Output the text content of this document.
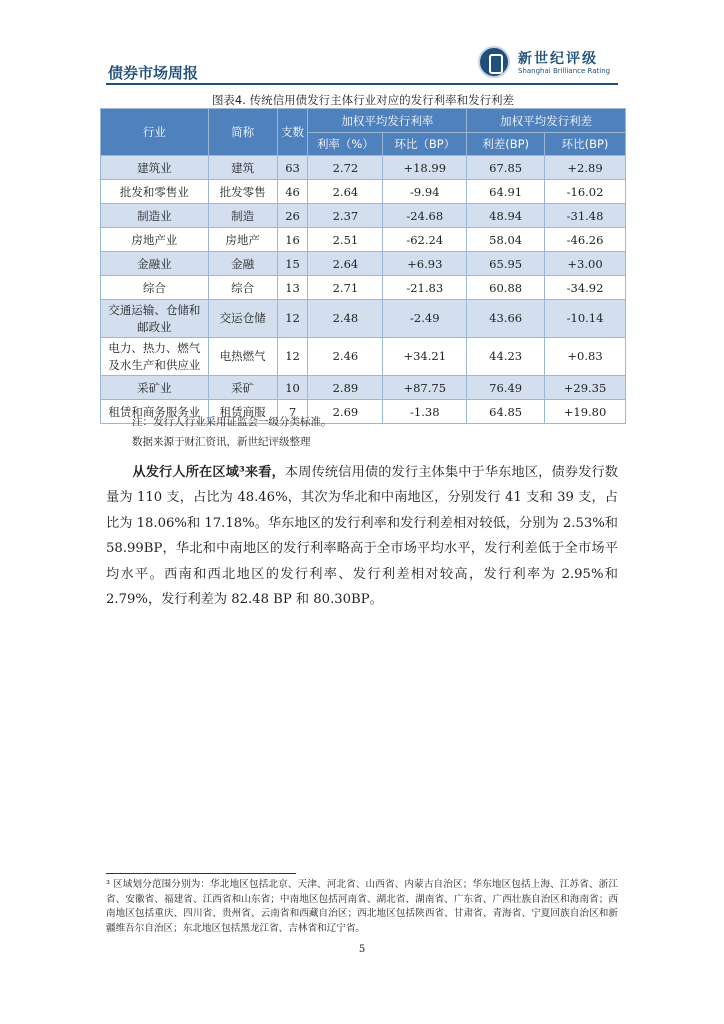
债券市场周报
新世纪评级
Shanghai Brilliance Rating
图表4. 传统信用债发行主体行业对应的发行利率和发行利差
行业	简称	支数	加权平均发行利率		加权平均发行利差	
			利率（%）	环比（BP）	利差(BP)	环比(BP)
建筑业	建筑	63	2.72	+18.99	67.85	+2.89
批发和零售业	批发零售	46	2.64	-9.94	64.91	-16.02
制造业	制造	26	2.37	-24.68	48.94	-31.48
房地产业	房地产	16	2.51	-62.24	58.04	-46.26
金融业	金融	15	2.64	+6.93	65.95	+3.00
综合	综合	13	2.71	-21.83	60.88	-34.92
交通运输、仓储和邮政业	交运仓储	12	2.48	-2.49	43.66	-10.14
电力、热力、燃气及水生产和供应业	电热燃气	12	2.46	+34.21	44.23	+0.83
采矿业	采矿	10	2.89	+87.75	76.49	+29.35
租赁和商务服务业	租赁商服	7	2.69	-1.38	64.85	+19.80
注：发行人行业采用证监会一级分类标准。
数据来源于财汇资讯，新世纪评级整理

从发行人所在区域³来看，本周传统信用债的发行主体集中于华东地区，债券发行数量为 110 支，占比为 48.46%，其次为华北和中南地区，分别发行 41 支和 39 支，占比为 18.06%和 17.18%。华东地区的发行利率和发行利差相对较低，分别为 2.53%和 58.99BP，华北和中南地区的发行利率略高于全市场平均水平，发行利差低于全市场平均水平。西南和西北地区的发行利率、发行利差相对较高，发行利率为 2.95%和 2.79%，发行利差为 82.48 BP 和 80.30BP。

³ 区域划分范围分别为：华北地区包括北京、天津、河北省、山西省、内蒙古自治区；华东地区包括上海、江苏省、浙江省、安徽省、福建省、江西省和山东省；中南地区包括河南省、湖北省、湖南省、广东省、广西壮族自治区和海南省；西南地区包括重庆、四川省、贵州省、云南省和西藏自治区；西北地区包括陕西省、甘肃省、青海省、宁夏回族自治区和新疆维吾尔自治区；东北地区包括黑龙江省、吉林省和辽宁省。
5
